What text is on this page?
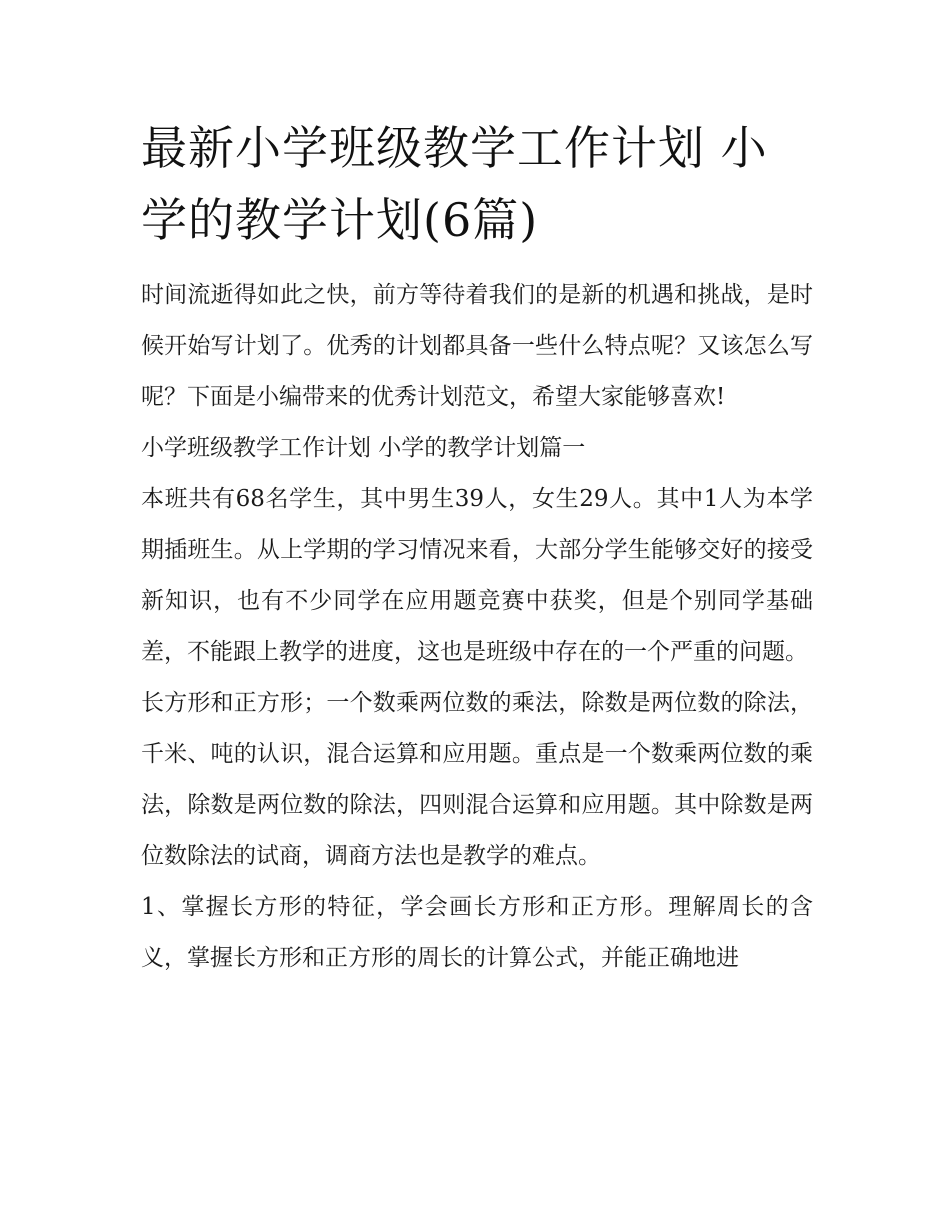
最新小学班级教学工作计划 小学的教学计划(6篇)

时间流逝得如此之快，前方等待着我们的是新的机遇和挑战，是时候开始写计划了。优秀的计划都具备一些什么特点呢？又该怎么写呢？下面是小编带来的优秀计划范文，希望大家能够喜欢!

小学班级教学工作计划 小学的教学计划篇一

本班共有68名学生，其中男生39人，女生29人。其中1人为本学期插班生。从上学期的学习情况来看，大部分学生能够交好的接受新知识，也有不少同学在应用题竞赛中获奖，但是个别同学基础差，不能跟上教学的进度，这也是班级中存在的一个严重的问题。

长方形和正方形；一个数乘两位数的乘法，除数是两位数的除法，千米、吨的认识，混合运算和应用题。重点是一个数乘两位数的乘法，除数是两位数的除法，四则混合运算和应用题。其中除数是两位数除法的试商，调商方法也是教学的难点。

1、掌握长方形的特征，学会画长方形和正方形。理解周长的含义，掌握长方形和正方形的周长的计算公式，并能正确地进
